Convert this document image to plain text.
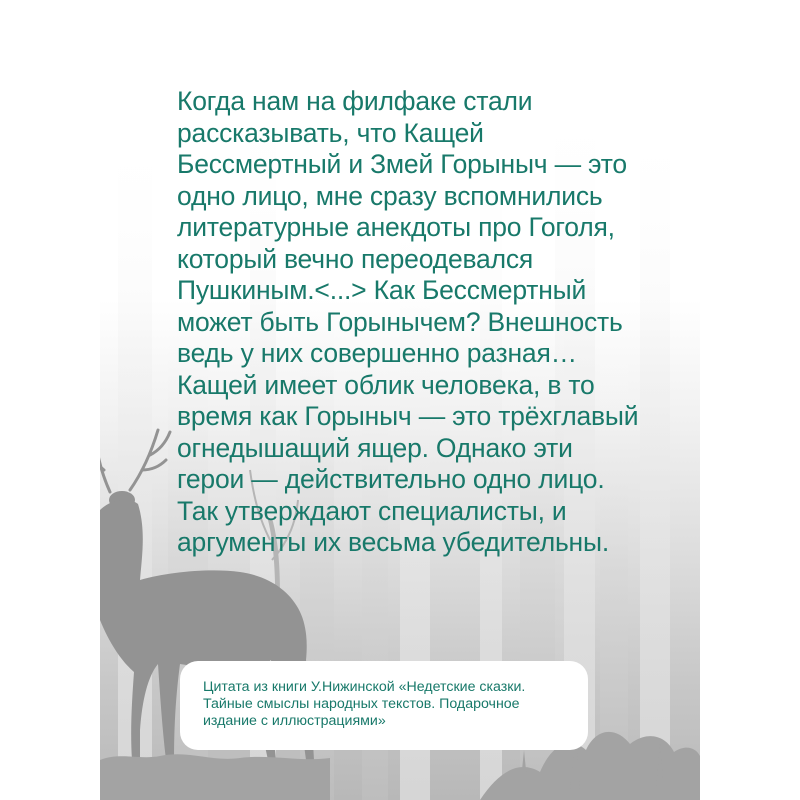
Когда нам на филфаке стали
рассказывать, что Кащей
Бессмертный и Змей Горыныч — это
одно лицо, мне сразу вспомнились
литературные анекдоты про Гоголя,
который вечно переодевался
Пушкиным.<...> Как Бессмертный
может быть Горынычем? Внешность
ведь у них совершенно разная…
Кащей имеет облик человека, в то
время как Горыныч — это трёхглавый
огнедышащий ящер. Однако эти
герои — действительно одно лицо.
Так утверждают специалисты, и
аргументы их весьма убедительны.

Цитата из книги У.Нижинской «Недетские сказки.
Тайные смыслы народных текстов. Подарочное
издание с иллюстрациями»
